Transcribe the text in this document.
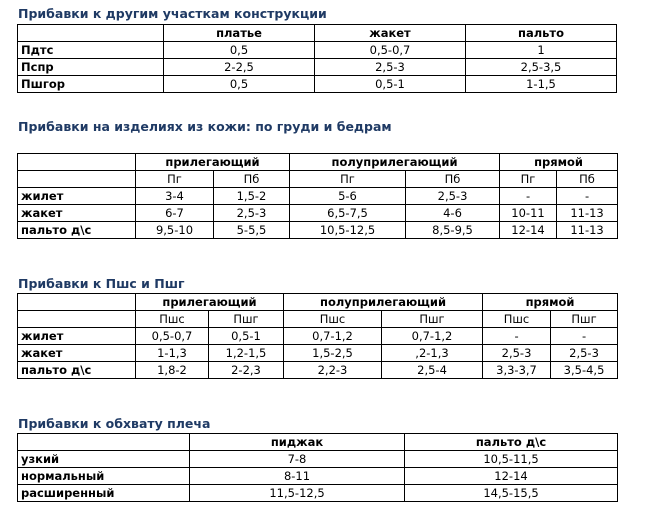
Прибавки к другим участкам конструкции
	платье	жакет	пальто
Пдтс	0,5	0,5-0,7	1
Пспр	2-2,5	2,5-3	2,5-3,5
Пшгор	0,5	0,5-1	1-1,5
Прибавки на изделиях из кожи: по груди и бедрам
	прилегающий		полуприлегающий		прямой	
	Пг	Пб	Пг	Пб	Пг	Пб
жилет	3-4	1,5-2	5-6	2,5-3	-	-
жакет	6-7	2,5-3	6,5-7,5	4-6	10-11	11-13
пальто д\с	9,5-10	5-5,5	10,5-12,5	8,5-9,5	12-14	11-13
Прибавки к Пшс и Пшг
	прилегающий		полуприлегающий		прямой	
	Пшс	Пшг	Пшс	Пшг	Пшс	Пшг
жилет	0,5-0,7	0,5-1	0,7-1,2	0,7-1,2	-	-
жакет	1-1,3	1,2-1,5	1,5-2,5	,2-1,3	2,5-3	2,5-3
пальто д\с	1,8-2	2-2,3	2,2-3	2,5-4	3,3-3,7	3,5-4,5
Прибавки к обхвату плеча
	пиджак	пальто д\с
узкий	7-8	10,5-11,5
нормальный	8-11	12-14
расширенный	11,5-12,5	14,5-15,5
